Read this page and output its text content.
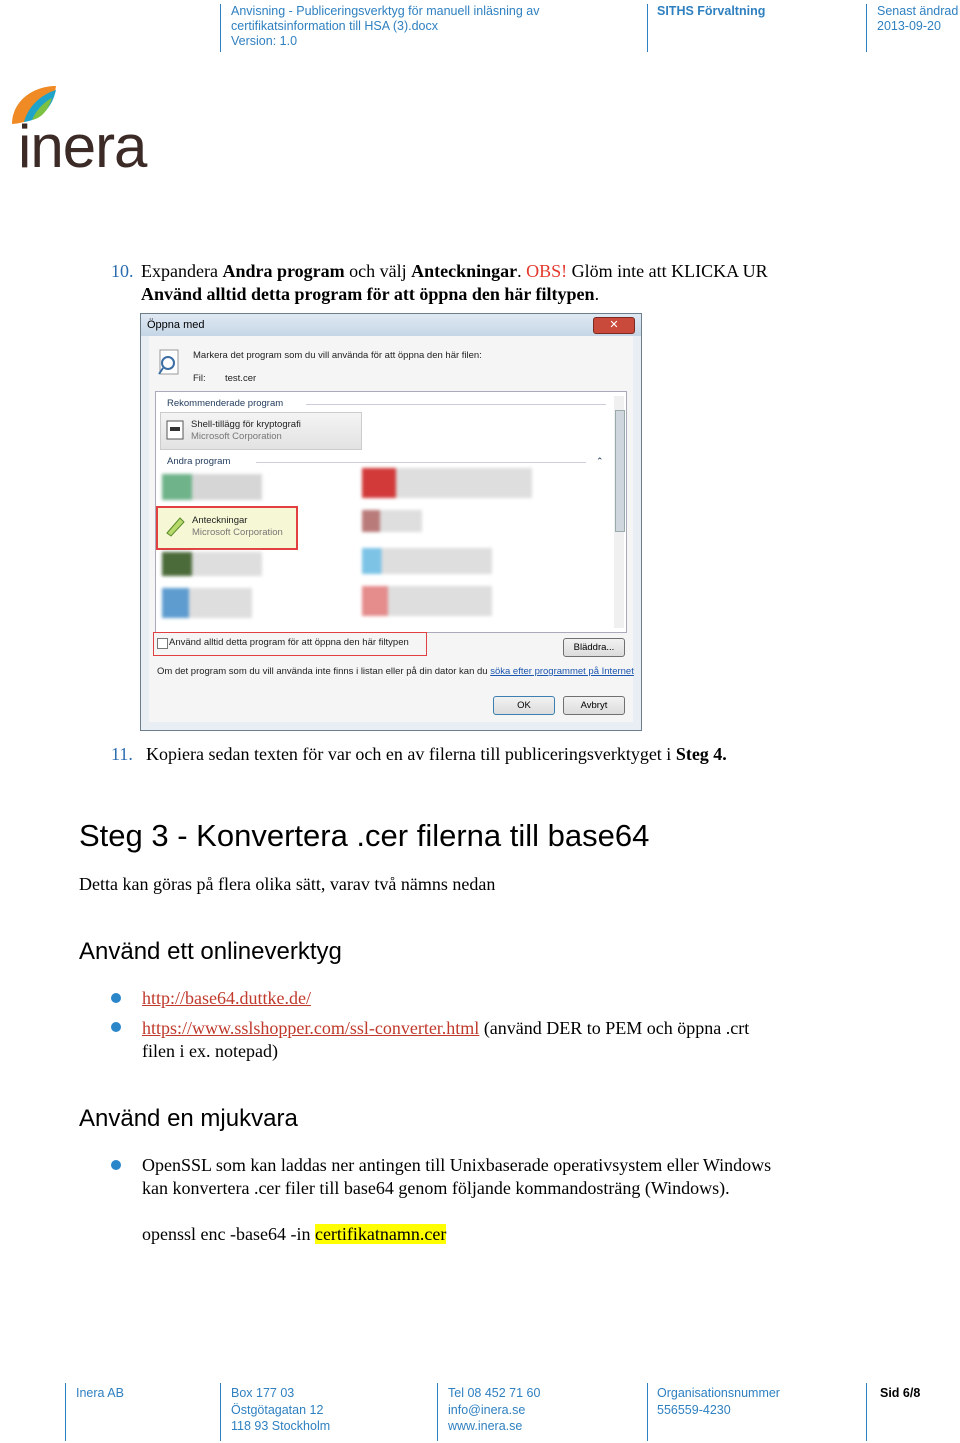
Anvisning - Publiceringsverktyg för manuell inläsning av
certifikatsinformation till HSA (3).docx
Version: 1.0
SITHS Förvaltning	Senast ändrad
2013-09-20
inera
10. Expandera Andra program och välj Anteckningar. OBS! Glöm inte att KLICKA UR
Använd alltid detta program för att öppna den här filtypen.
Öppna med	✕
Markera det program som du vill använda för att öppna den här filen:
Fil: test.cer
Rekommenderade program
Shell-tillägg för kryptografi
Microsoft Corporation
Andra program	⌃
Anteckningar
Microsoft Corporation
Använd alltid detta program för att öppna den här filtypen	Bläddra...
Om det program som du vill använda inte finns i listan eller på din dator kan du söka efter programmet på Internet
OK	Avbryt
11. Kopiera sedan texten för var och en av filerna till publiceringsverktyget i Steg 4.
Steg 3 - Konvertera .cer filerna till base64
Detta kan göras på flera olika sätt, varav två nämns nedan
Använd ett onlineverktyg
http://base64.duttke.de/
https://www.sslshopper.com/ssl-converter.html (använd DER to PEM och öppna .crt
filen i ex. notepad)
Använd en mjukvara
OpenSSL som kan laddas ner antingen till Unixbaserade operativsystem eller Windows
kan konvertera .cer filer till base64 genom följande kommandosträng (Windows).
openssl enc -base64 -in certifikatnamn.cer
Inera AB	Box 177 03
Östgötagatan 12
118 93 Stockholm
Tel 08 452 71 60
info@inera.se
www.inera.se
Organisationsnummer
556559-4230
Sid 6/8
